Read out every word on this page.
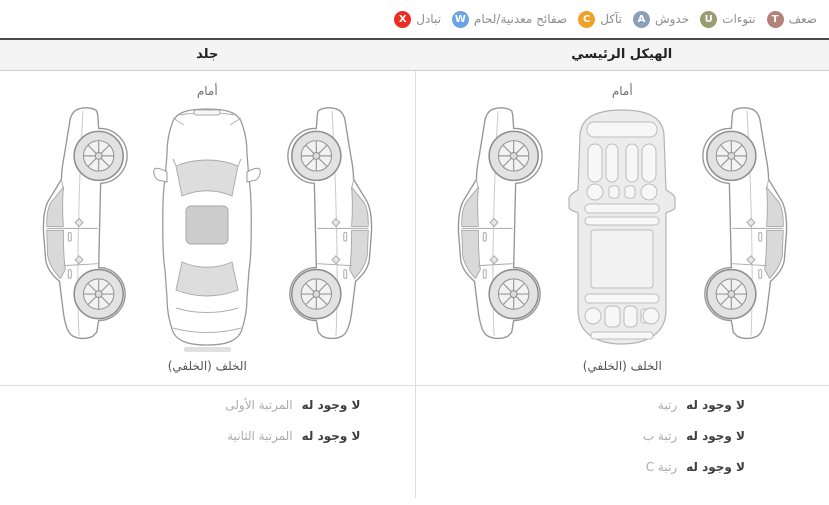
ضعف
T
نتوءات
U
خدوش
A
تآكل
C
صفائح معدنية/لحام
W
تبادل
X
الهيكل الرئيسي
جلد
أمام
الخلف (الخلفي)
أمام
الخلف (الخلفي)
لا وجود له
رتبة
لا وجود له
رتبة ب
لا وجود له
رتبة C
لا وجود له
المرتبة الأولى
لا وجود له
المرتبة الثانية
